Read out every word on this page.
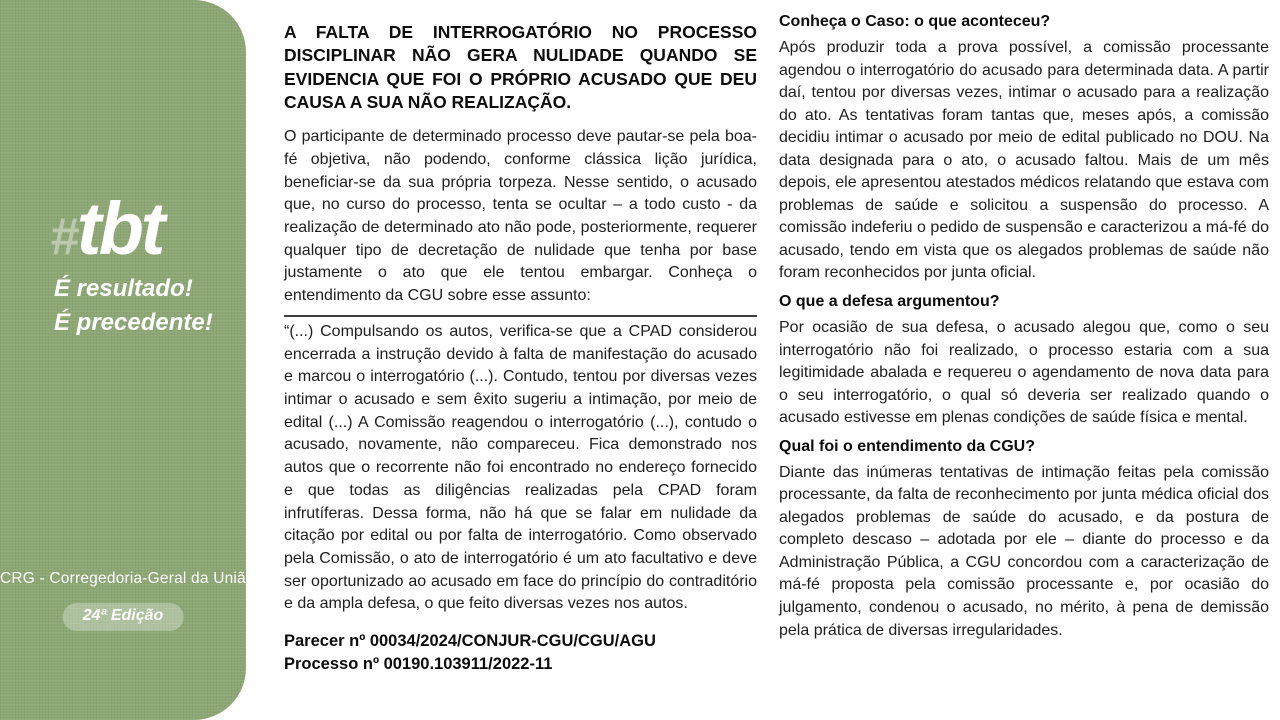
# tbt
É resultado!
É precedente!
CRG - Corregedoria-Geral da União
24ª Edição
A FALTA DE INTERROGATÓRIO NO PROCESSO DISCIPLINAR NÃO GERA NULIDADE QUANDO SE EVIDENCIA QUE FOI O PRÓPRIO ACUSADO QUE DEU CAUSA A SUA NÃO REALIZAÇÃO.

O participante de determinado processo deve pautar-se pela boa-fé objetiva, não podendo, conforme clássica lição jurídica, beneficiar-se da sua própria torpeza. Nesse sentido, o acusado que, no curso do processo, tenta se ocultar – a todo custo - da realização de determinado ato não pode, posteriormente, requerer qualquer tipo de decretação de nulidade que tenha por base justamente o ato que ele tentou embargar. Conheça o entendimento da CGU sobre esse assunto:

“(...) Compulsando os autos, verifica-se que a CPAD considerou encerrada a instrução devido à falta de manifestação do acusado e marcou o interrogatório (...). Contudo, tentou por diversas vezes intimar o acusado e sem êxito sugeriu a intimação, por meio de edital (...) A Comissão reagendou o interrogatório (...), contudo o acusado, novamente, não compareceu. Fica demonstrado nos autos que o recorrente não foi encontrado no endereço fornecido e que todas as diligências realizadas pela CPAD foram infrutíferas. Dessa forma, não há que se falar em nulidade da citação por edital ou por falta de interrogatório. Como observado pela Comissão, o ato de interrogatório é um ato facultativo e deve ser oportunizado ao acusado em face do princípio do contraditório e da ampla defesa, o que feito diversas vezes nos autos.

Parecer nº 00034/2024/CONJUR-CGU/CGU/AGU
Processo nº 00190.103911/2022-11
Conheça o Caso: o que aconteceu?

Após produzir toda a prova possível, a comissão processante agendou o interrogatório do acusado para determinada data. A partir daí, tentou por diversas vezes, intimar o acusado para a realização do ato. As tentativas foram tantas que, meses após, a comissão decidiu intimar o acusado por meio de edital publicado no DOU. Na data designada para o ato, o acusado faltou. Mais de um mês depois, ele apresentou atestados médicos relatando que estava com problemas de saúde e solicitou a suspensão do processo. A comissão indeferiu o pedido de suspensão e caracterizou a má-fé do acusado, tendo em vista que os alegados problemas de saúde não foram reconhecidos por junta oficial.

O que a defesa argumentou?

Por ocasião de sua defesa, o acusado alegou que, como o seu interrogatório não foi realizado, o processo estaria com a sua legitimidade abalada e requereu o agendamento de nova data para o seu interrogatório, o qual só deveria ser realizado quando o acusado estivesse em plenas condições de saúde física e mental.

Qual foi o entendimento da CGU?

Diante das inúmeras tentativas de intimação feitas pela comissão processante, da falta de reconhecimento por junta médica oficial dos alegados problemas de saúde do acusado, e da postura de completo descaso – adotada por ele – diante do processo e da Administração Pública, a CGU concordou com a caracterização de má-fé proposta pela comissão processante e, por ocasião do julgamento, condenou o acusado, no mérito, à pena de demissão pela prática de diversas irregularidades.
